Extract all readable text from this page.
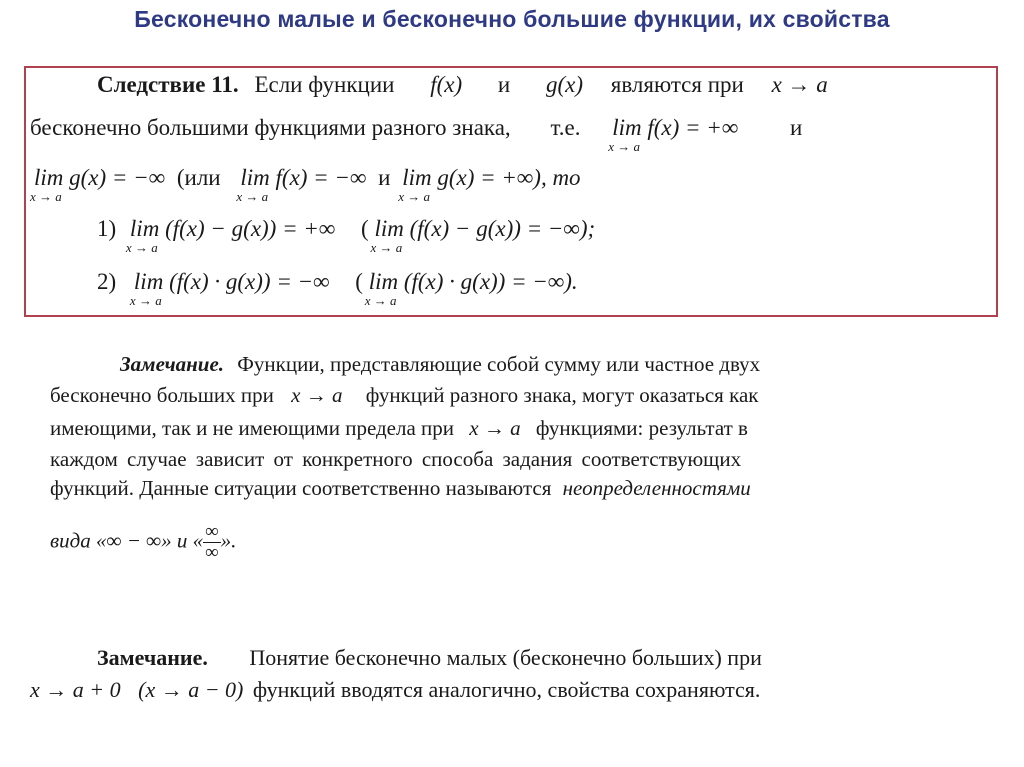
Бесконечно малые и бесконечно большие функции, их свойства
Следствие 11. Если функции f(x) и g(x) являются при x → a
бесконечно большими функциями разного знака, т.е. lim
x → a
f(x) = +∞ и
lim
x → a
g(x) = −∞ (или lim
x → a
f(x) = −∞ и lim
x → a
g(x) = +∞), то
1) lim
x → a
(f(x) − g(x)) = +∞ ( lim
x → a
(f(x) − g(x)) = −∞);
2) lim
x → a
(f(x) · g(x)) = −∞ ( lim
x → a
(f(x) · g(x)) = −∞).
Замечание. Функции, представляющие собой сумму или частное двух
бесконечно больших при x → a функций разного знака, могут оказаться как
имеющими, так и не имеющими предела при x → a функциями: результат в
каждом случае зависит от конкретного способа задания соответствующих
функций. Данные ситуации соответственно называются неопределенностями
вида «∞ − ∞» и « $\frac{\infty}{\infty}$ ».
Замечание. Понятие бесконечно малых (бесконечно больших) при
x → a + 0 (x → a − 0) функций вводятся аналогично, свойства сохраняются.
